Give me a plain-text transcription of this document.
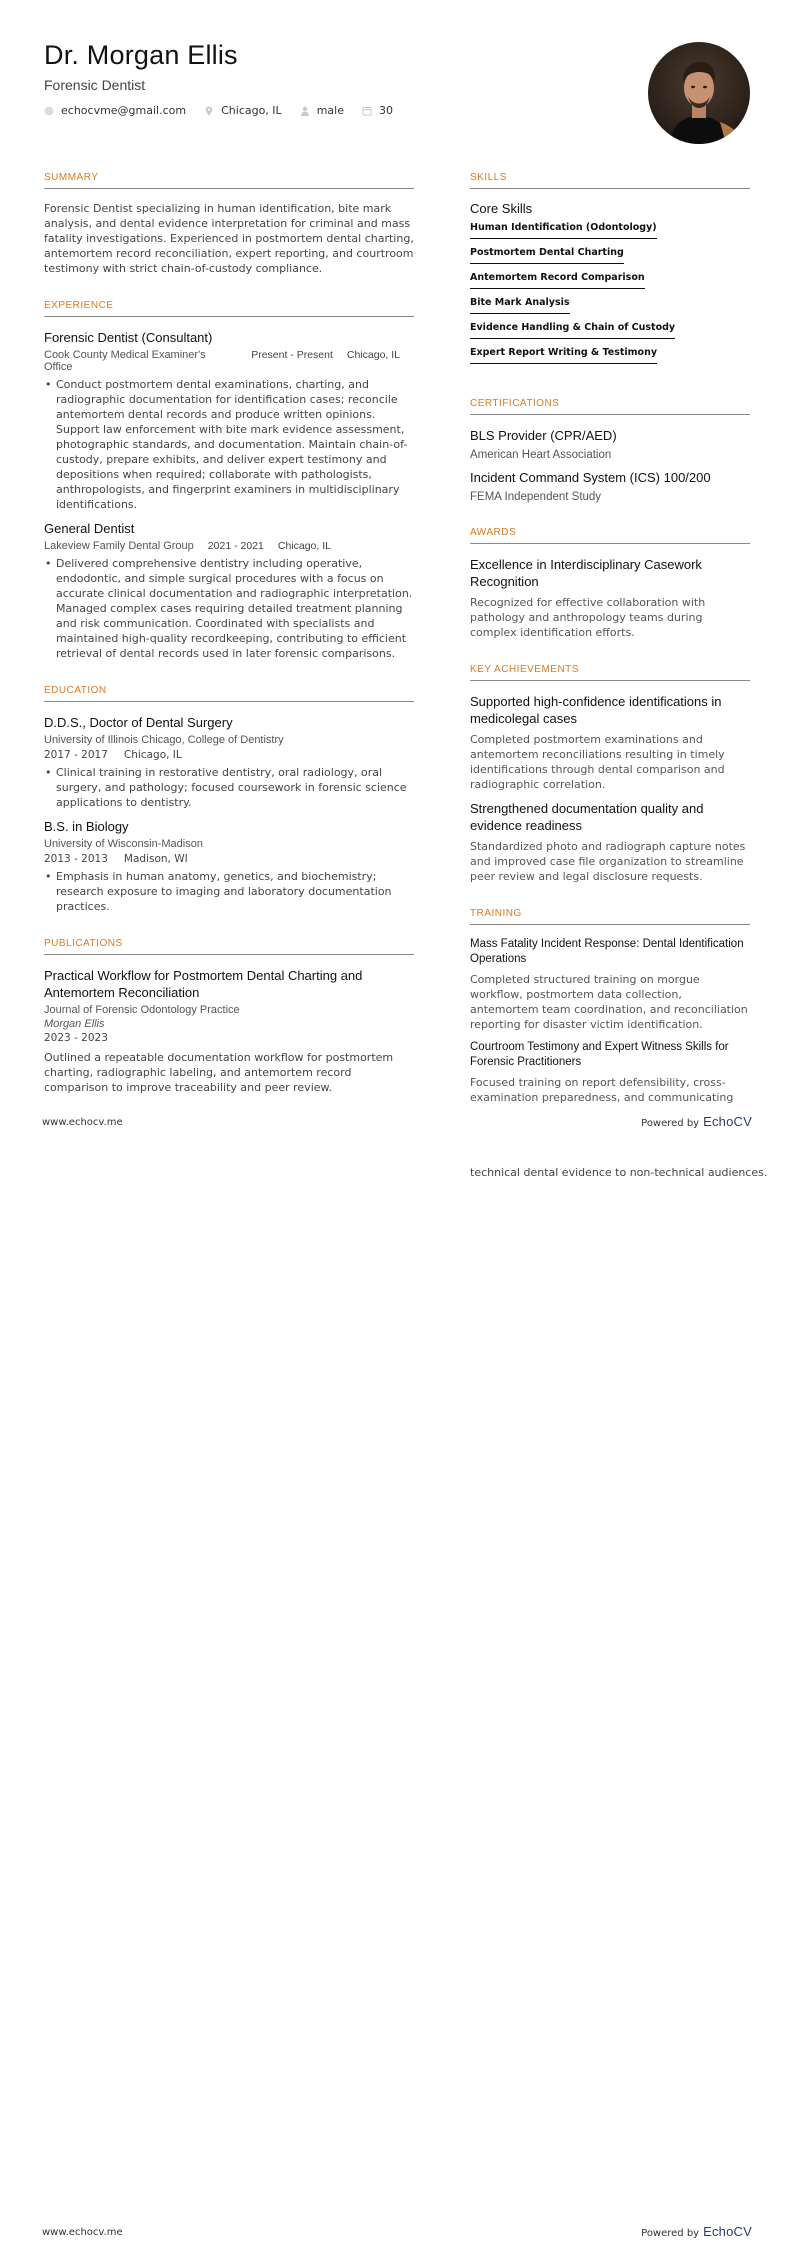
Dr. Morgan Ellis
Forensic Dentist
echocvme@gmail.com	Chicago, IL	male	30
SUMMARY

Forensic Dentist specializing in human identification, bite mark analysis, and dental evidence interpretation for criminal and mass fatality investigations. Experienced in postmortem dental charting, antemortem record reconciliation, expert reporting, and courtroom testimony with strict chain-of-custody compliance.

EXPERIENCE
Forensic Dentist (Consultant)
Cook County Medical Examiner's Office
Present - Present Chicago, IL
• Conduct postmortem dental examinations, charting, and radiographic documentation for identification cases; reconcile antemortem dental records and produce written opinions. Support law enforcement with bite mark evidence assessment, photographic standards, and documentation. Maintain chain-of-custody, prepare exhibits, and deliver expert testimony and depositions when required; collaborate with pathologists, anthropologists, and fingerprint examiners in multidisciplinary identifications.
General Dentist
Lakeview Family Dental Group 2021 - 2021 Chicago, IL
• Delivered comprehensive dentistry including operative, endodontic, and simple surgical procedures with a focus on accurate clinical documentation and radiographic interpretation. Managed complex cases requiring detailed treatment planning and risk communication. Coordinated with specialists and maintained high-quality recordkeeping, contributing to efficient retrieval of dental records used in later forensic comparisons.
EDUCATION
D.D.S., Doctor of Dental Surgery
University of Illinois Chicago, College of Dentistry
2017 - 2017 Chicago, IL
• Clinical training in restorative dentistry, oral radiology, oral surgery, and pathology; focused coursework in forensic science applications to dentistry.
B.S. in Biology
University of Wisconsin-Madison
2013 - 2013 Madison, WI
• Emphasis in human anatomy, genetics, and biochemistry; research exposure to imaging and laboratory documentation practices.
PUBLICATIONS
Practical Workflow for Postmortem Dental Charting and Antemortem Reconciliation
Journal of Forensic Odontology Practice
Morgan Ellis
2023 - 2023

Outlined a repeatable documentation workflow for postmortem charting, radiographic labeling, and antemortem record comparison to improve traceability and peer review.

SKILLS
Core Skills
Human Identification (Odontology)
Postmortem Dental Charting
Antemortem Record Comparison
Bite Mark Analysis
Evidence Handling & Chain of Custody
Expert Report Writing & Testimony
CERTIFICATIONS
BLS Provider (CPR/AED)
American Heart Association
Incident Command System (ICS) 100/200
FEMA Independent Study
AWARDS
Excellence in Interdisciplinary Casework Recognition
Recognized for effective collaboration with pathology and anthropology teams during complex identification efforts.
KEY ACHIEVEMENTS
Supported high-confidence identifications in medicolegal cases
Completed postmortem examinations and antemortem reconciliations resulting in timely identifications through dental comparison and radiographic correlation.
Strengthened documentation quality and evidence readiness
Standardized photo and radiograph capture notes and improved case file organization to streamline peer review and legal disclosure requests.
TRAINING
Mass Fatality Incident Response: Dental Identification Operations
Completed structured training on morgue workflow, postmortem data collection, antemortem team coordination, and reconciliation reporting for disaster victim identification.
Courtroom Testimony and Expert Witness Skills for Forensic Practitioners
Focused training on report defensibility, cross-examination preparedness, and communicating
www.echocv.me	Powered by EchoCV
technical dental evidence to non-technical audiences.
www.echocv.me	Powered by EchoCV
